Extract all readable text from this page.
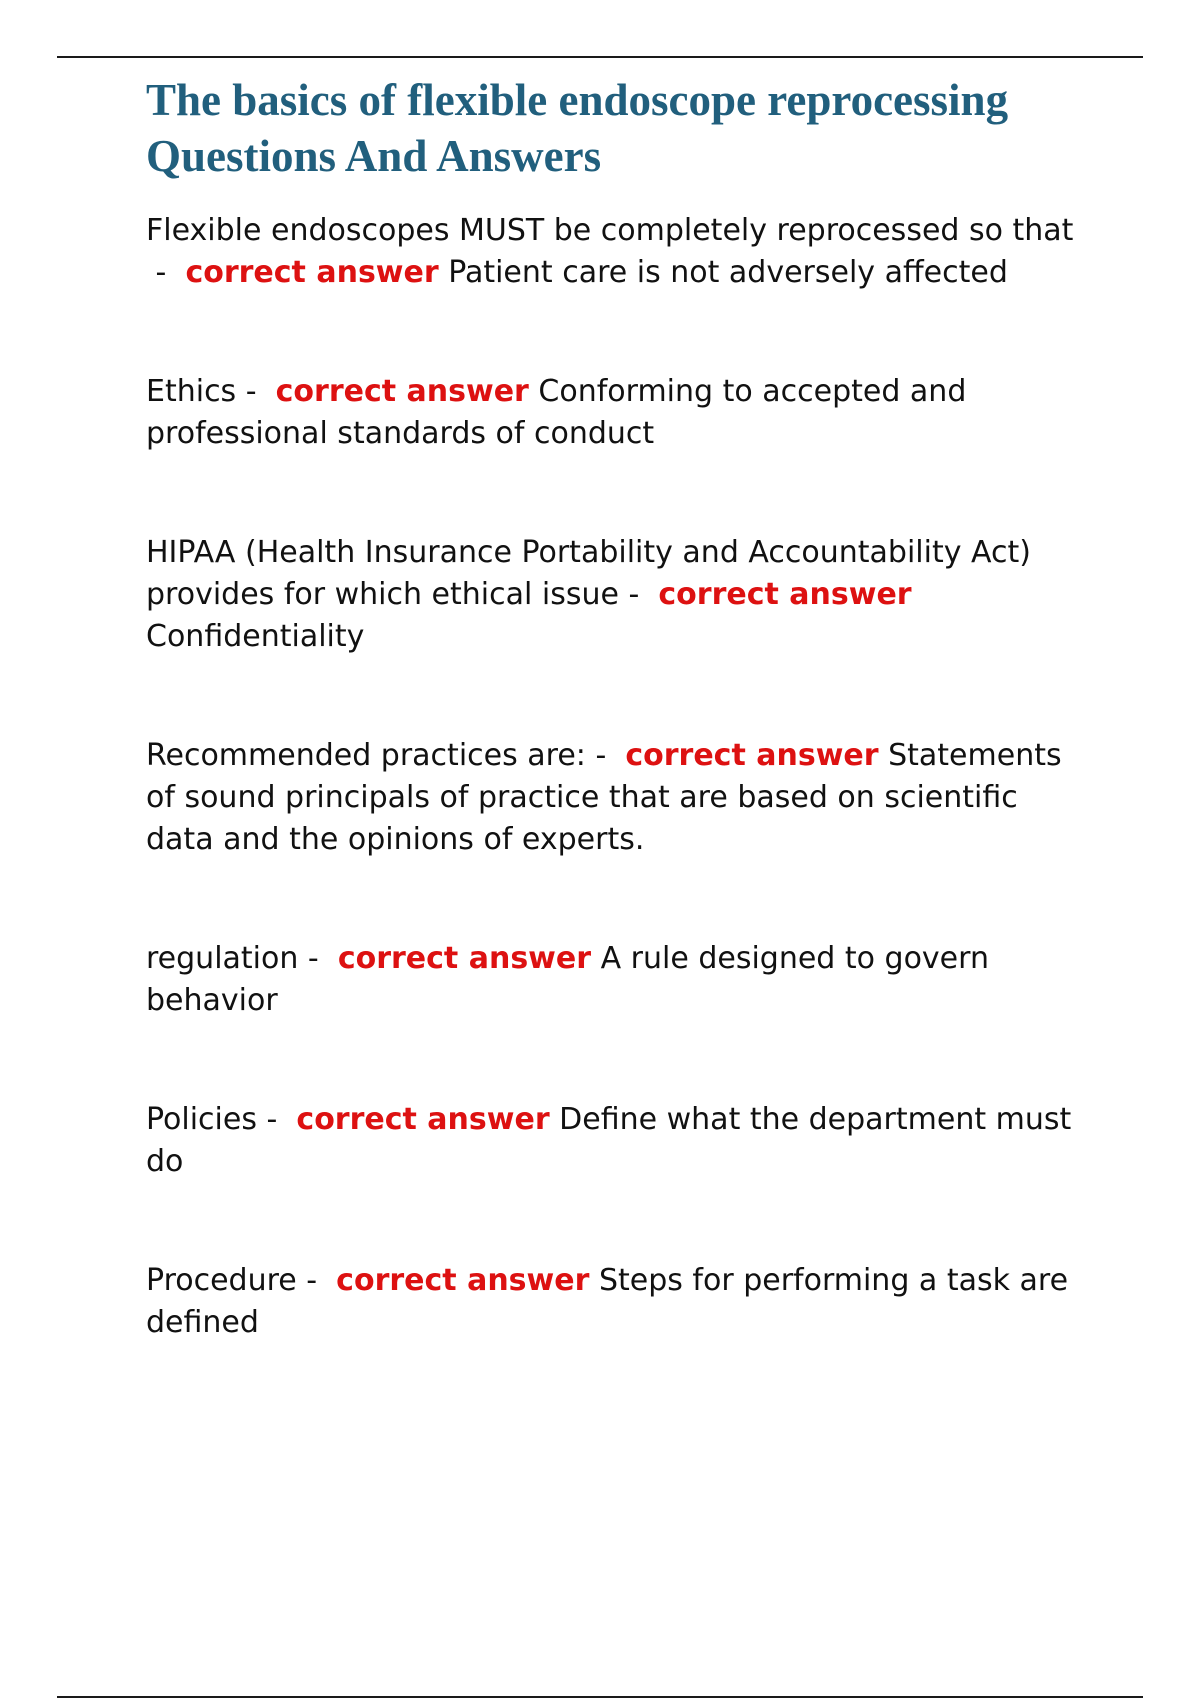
The basics of flexible endoscope reprocessing Questions And Answers

Flexible endoscopes MUST be completely reprocessed so that -  correct answer Patient care is not adversely affected

Ethics -  correct answer Conforming to accepted and professional standards of conduct

HIPAA (Health Insurance Portability and Accountability Act) provides for which ethical issue -  correct answer Confidentiality

Recommended practices are: -  correct answer Statements of sound principals of practice that are based on scientific data and the opinions of experts.

regulation -  correct answer A rule designed to govern behavior

Policies -  correct answer Define what the department must do

Procedure -  correct answer Steps for performing a task are defined
